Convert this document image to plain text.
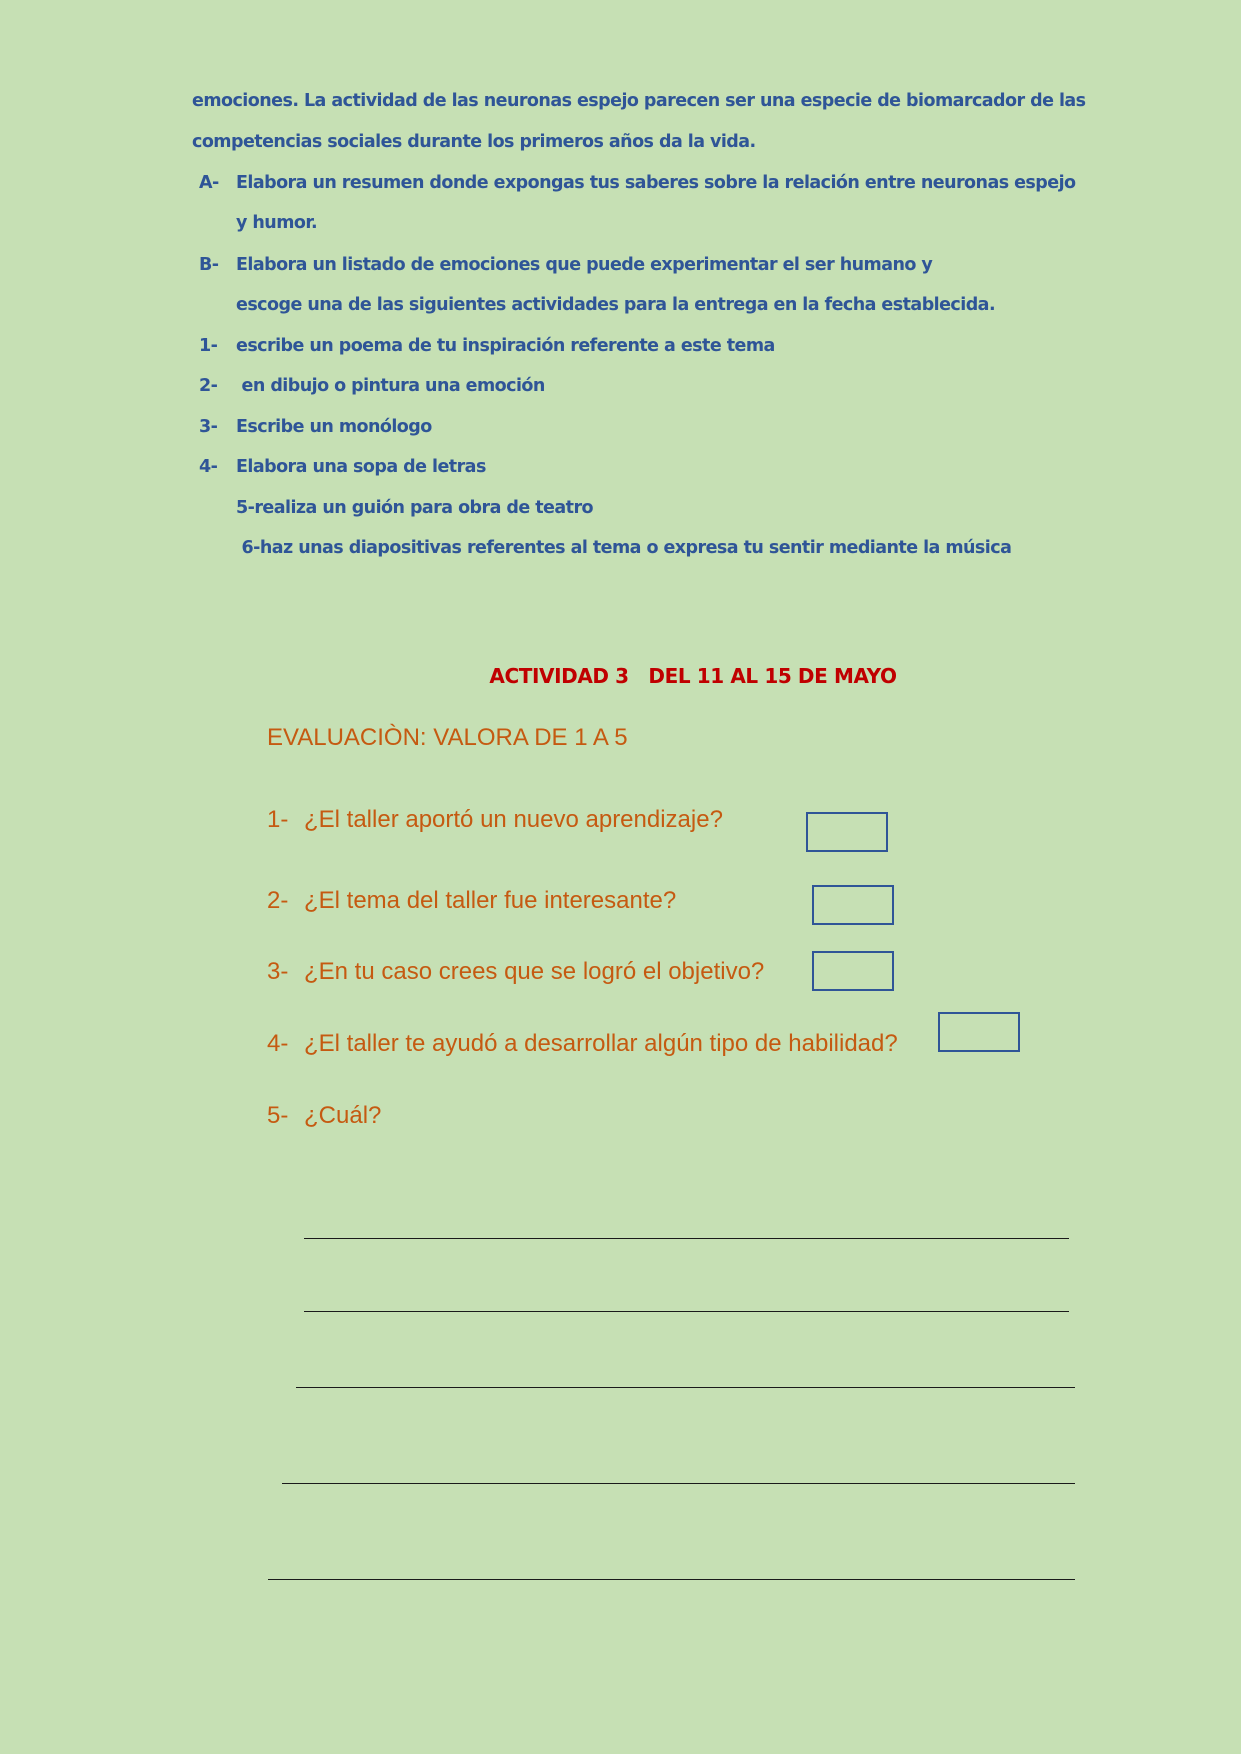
emociones. La actividad de las neuronas espejo parecen ser una especie de biomarcador de las
competencias sociales durante los primeros años da la vida.
A- Elabora un resumen donde expongas tus saberes sobre la relación entre neuronas espejo
y humor.
B- Elabora un listado de emociones que puede experimentar el ser humano y
escoge una de las siguientes actividades para la entrega en la fecha establecida.
1- escribe un poema de tu inspiración referente a este tema
2- en dibujo o pintura una emoción
3- Escribe un monólogo
4- Elabora una sopa de letras
5-realiza un guión para obra de teatro
6-haz unas diapositivas referentes al tema o expresa tu sentir mediante la música
ACTIVIDAD 3   DEL 11 AL 15 DE MAYO
EVALUACIÒN: VALORA DE 1 A 5
1- ¿El taller aportó un nuevo aprendizaje?
2- ¿El tema del taller fue interesante?
3- ¿En tu caso crees que se logró el objetivo?
4- ¿El taller te ayudó a desarrollar algún tipo de habilidad?
5- ¿Cuál?
